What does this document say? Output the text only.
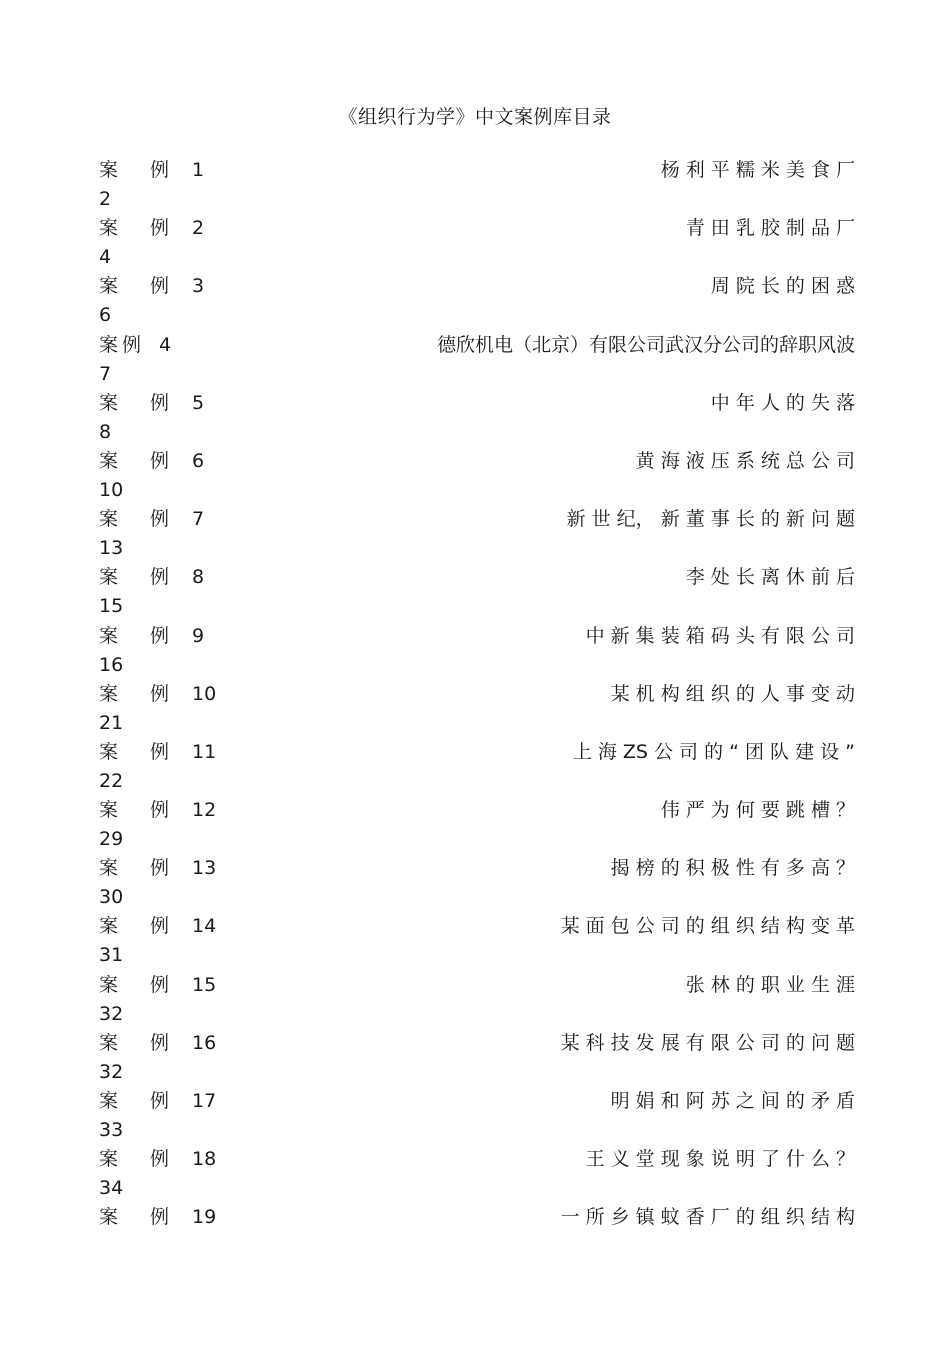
《组织行为学》中文案例库目录
案 例 1	杨 利 平 糯 米 美 食 厂
2
案 例 2	青 田 乳 胶 制 品 厂
4
案 例 3	周 院 长 的 困 惑
6
案例 4	德欣机电（北京）有限公司武汉分公司的辞职风波
7
案 例 5	中 年 人 的 失 落
8
案 例 6	黄 海 液 压 系 统 总 公 司
10
案 例 7	新 世 纪， 新 董 事 长 的 新 问 题
13
案 例 8	李 处 长 离 休 前 后
15
案 例 9	中 新 集 装 箱 码 头 有 限 公 司
16
案 例 10	某 机 构 组 织 的 人 事 变 动
21
案 例 11	上 海 ZS 公 司 的 “ 团 队 建 设 ”
22
案 例 12	伟 严 为 何 要 跳 槽 ？
29
案 例 13	揭 榜 的 积 极 性 有 多 高 ？
30
案 例 14	某 面 包 公 司 的 组 织 结 构 变 革
31
案 例 15	张 林 的 职 业 生 涯
32
案 例 16	某 科 技 发 展 有 限 公 司 的 问 题
32
案 例 17	明 娟 和 阿 苏 之 间 的 矛 盾
33
案 例 18	王 义 堂 现 象 说 明 了 什 么 ？
34
案 例 19	一 所 乡 镇 蚊 香 厂 的 组 织 结 构
